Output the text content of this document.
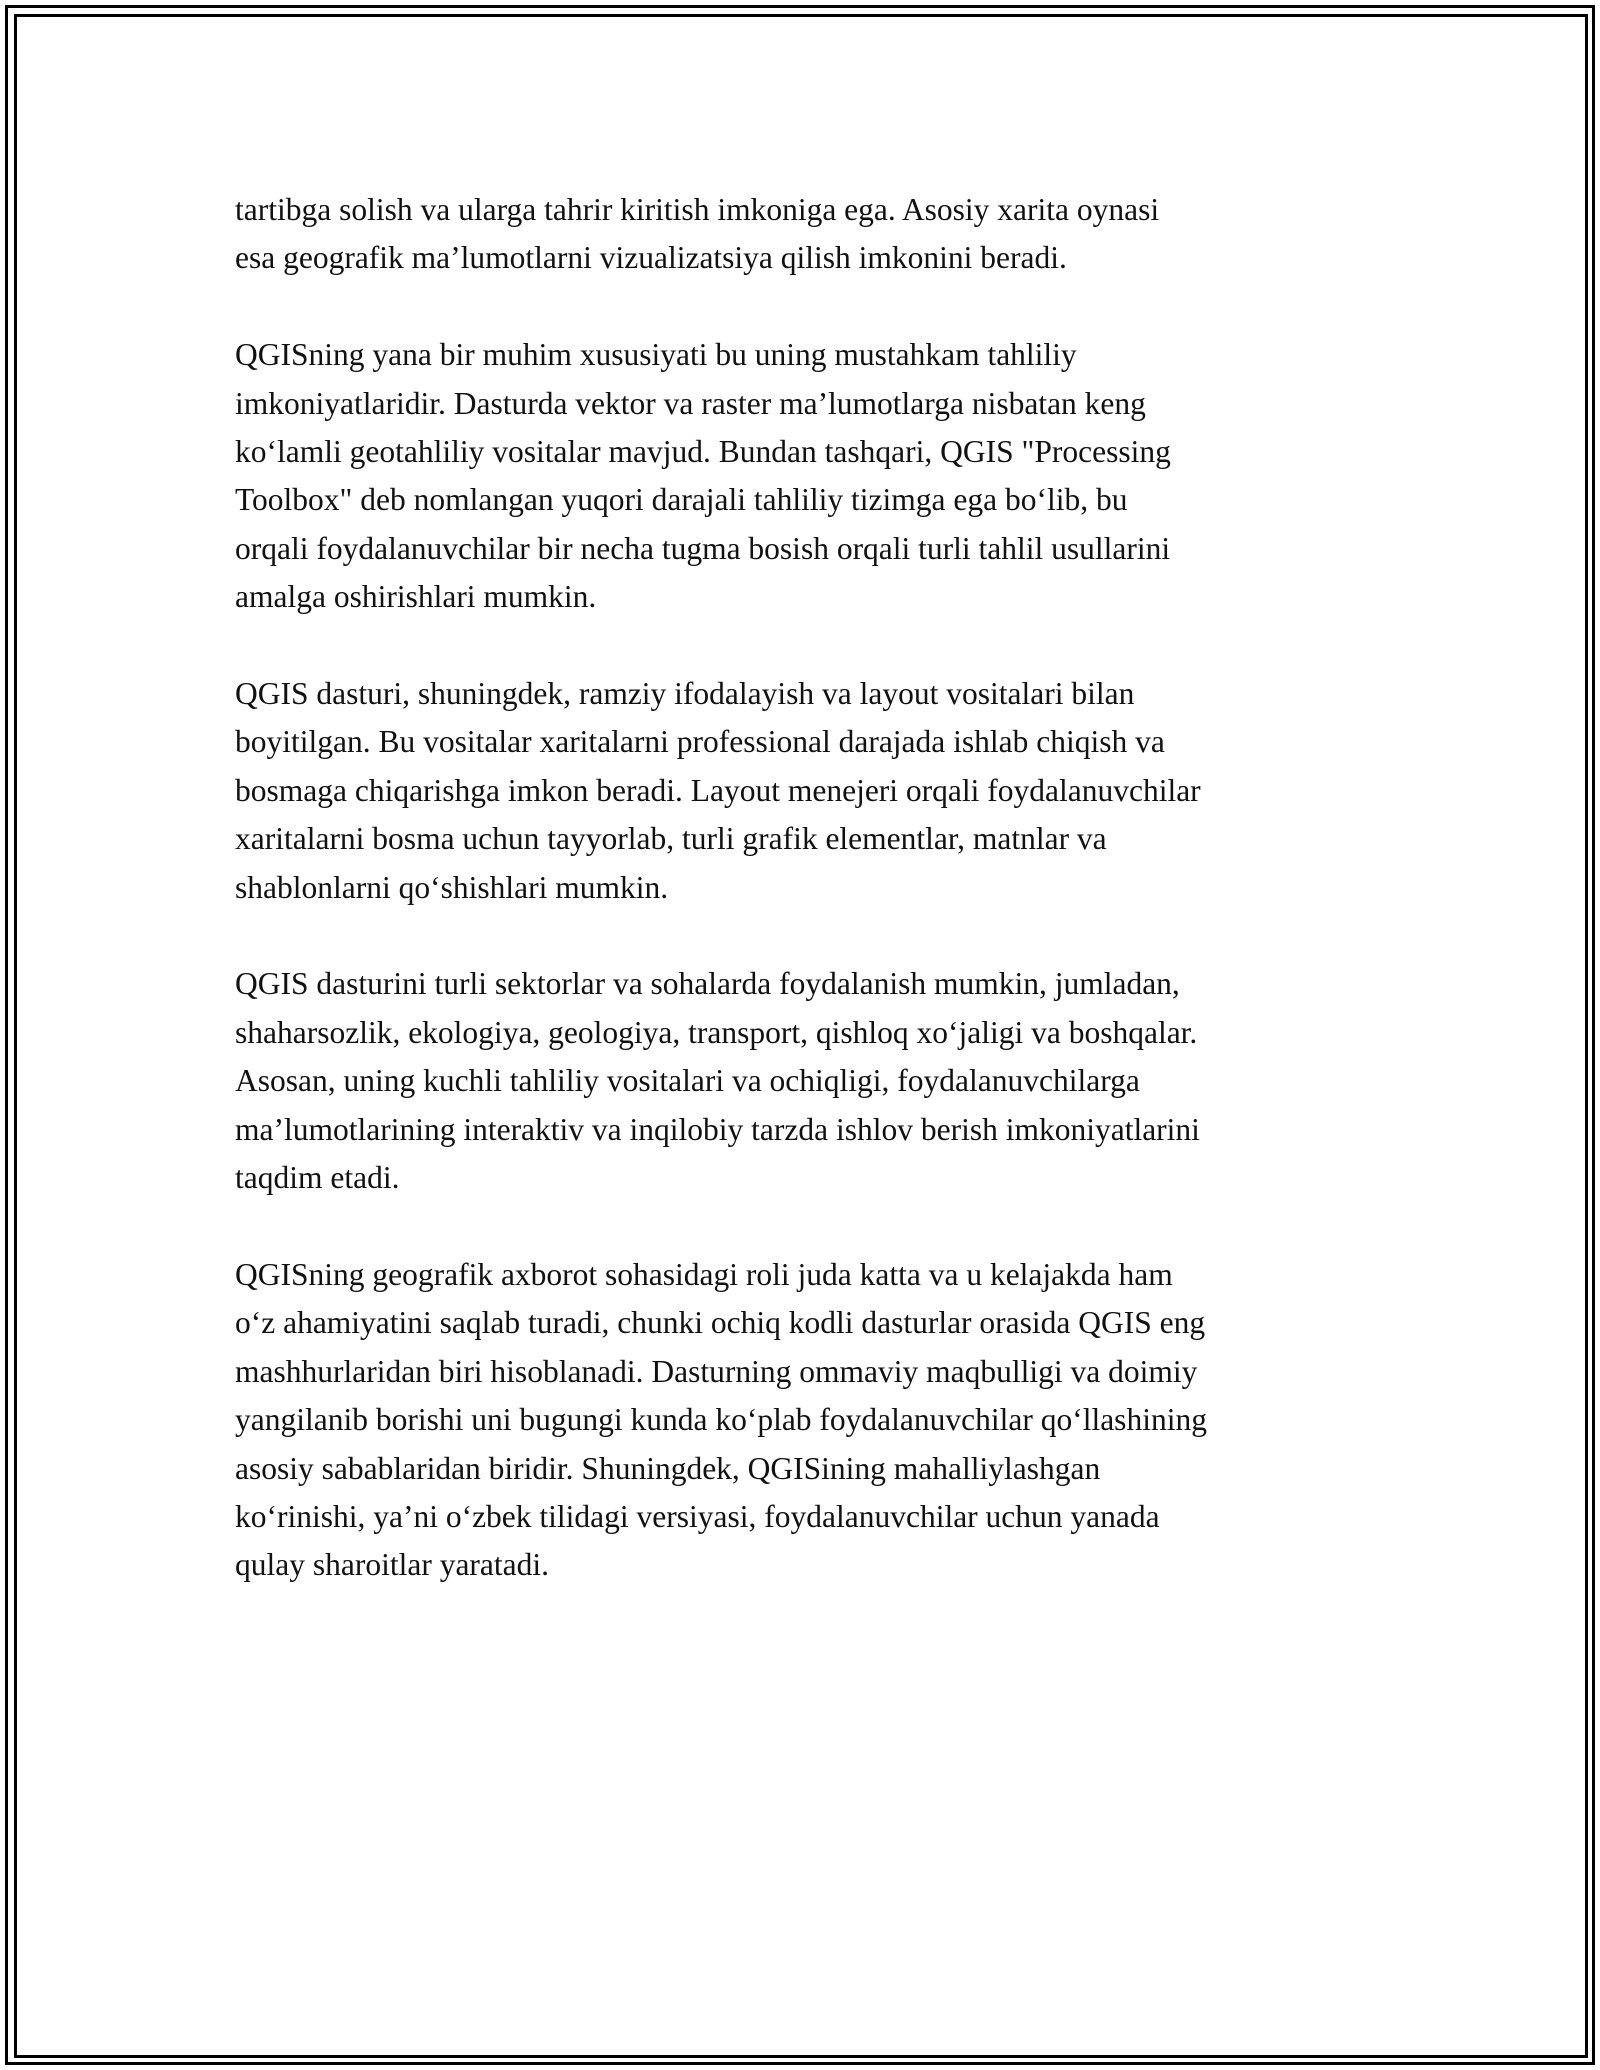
tartibga solish va ularga tahrir kiritish imkoniga ega. Asosiy xarita oynasi
esa geografik ma’lumotlarni vizualizatsiya qilish imkonini beradi.
QGISning yana bir muhim xususiyati bu uning mustahkam tahliliy
imkoniyatlaridir. Dasturda vektor va raster ma’lumotlarga nisbatan keng
ko‘lamli geotahliliy vositalar mavjud. Bundan tashqari, QGIS "Processing
Toolbox" deb nomlangan yuqori darajali tahliliy tizimga ega bo‘lib, bu
orqali foydalanuvchilar bir necha tugma bosish orqali turli tahlil usullarini
amalga oshirishlari mumkin.
QGIS dasturi, shuningdek, ramziy ifodalayish va layout vositalari bilan
boyitilgan. Bu vositalar xaritalarni professional darajada ishlab chiqish va
bosmaga chiqarishga imkon beradi. Layout menejeri orqali foydalanuvchilar
xaritalarni bosma uchun tayyorlab, turli grafik elementlar, matnlar va
shablonlarni qo‘shishlari mumkin.
QGIS dasturini turli sektorlar va sohalarda foydalanish mumkin, jumladan,
shaharsozlik, ekologiya, geologiya, transport, qishloq xo‘jaligi va boshqalar.
Asosan, uning kuchli tahliliy vositalari va ochiqligi, foydalanuvchilarga
ma’lumotlarining interaktiv va inqilobiy tarzda ishlov berish imkoniyatlarini
taqdim etadi.
QGISning geografik axborot sohasidagi roli juda katta va u kelajakda ham
o‘z ahamiyatini saqlab turadi, chunki ochiq kodli dasturlar orasida QGIS eng
mashhurlaridan biri hisoblanadi. Dasturning ommaviy maqbulligi va doimiy
yangilanib borishi uni bugungi kunda ko‘plab foydalanuvchilar qo‘llashining
asosiy sabablaridan biridir. Shuningdek, QGISining mahalliylashgan
ko‘rinishi, ya’ni o‘zbek tilidagi versiyasi, foydalanuvchilar uchun yanada
qulay sharoitlar yaratadi.
